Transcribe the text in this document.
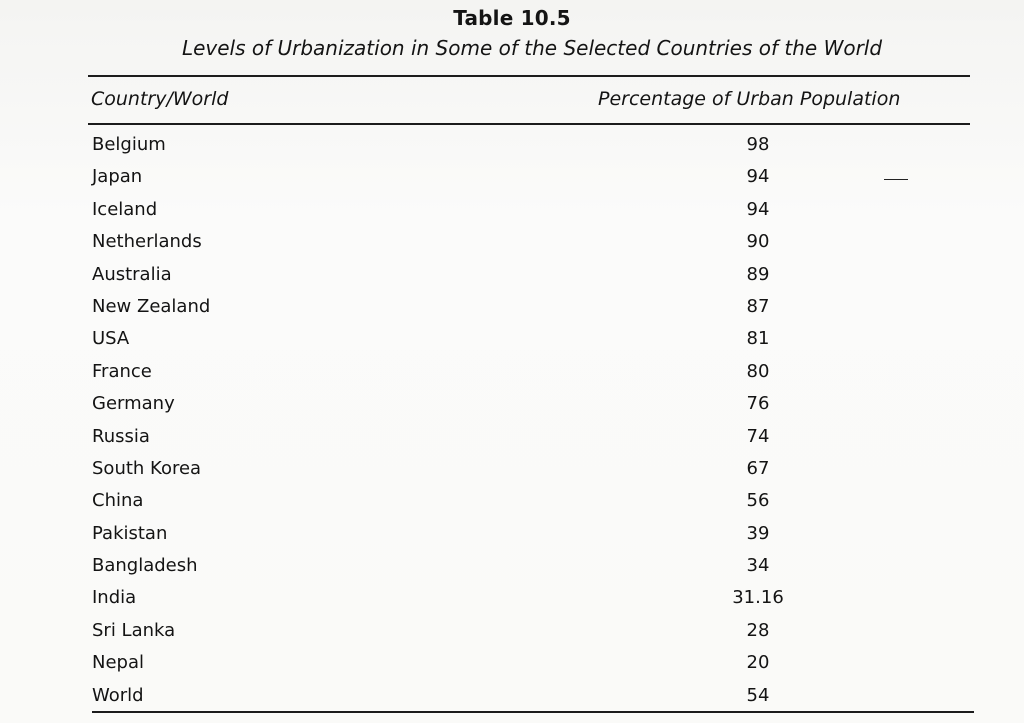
Table 10.5
Levels of Urbanization in Some of the Selected Countries of the World
Country/World	Percentage of Urban Population
Belgium	98
Japan	94
Iceland	94
Netherlands	90
Australia	89
New Zealand	87
USA	81
France	80
Germany	76
Russia	74
South Korea	67
China	56
Pakistan	39
Bangladesh	34
India	31.16
Sri Lanka	28
Nepal	20
World	54
